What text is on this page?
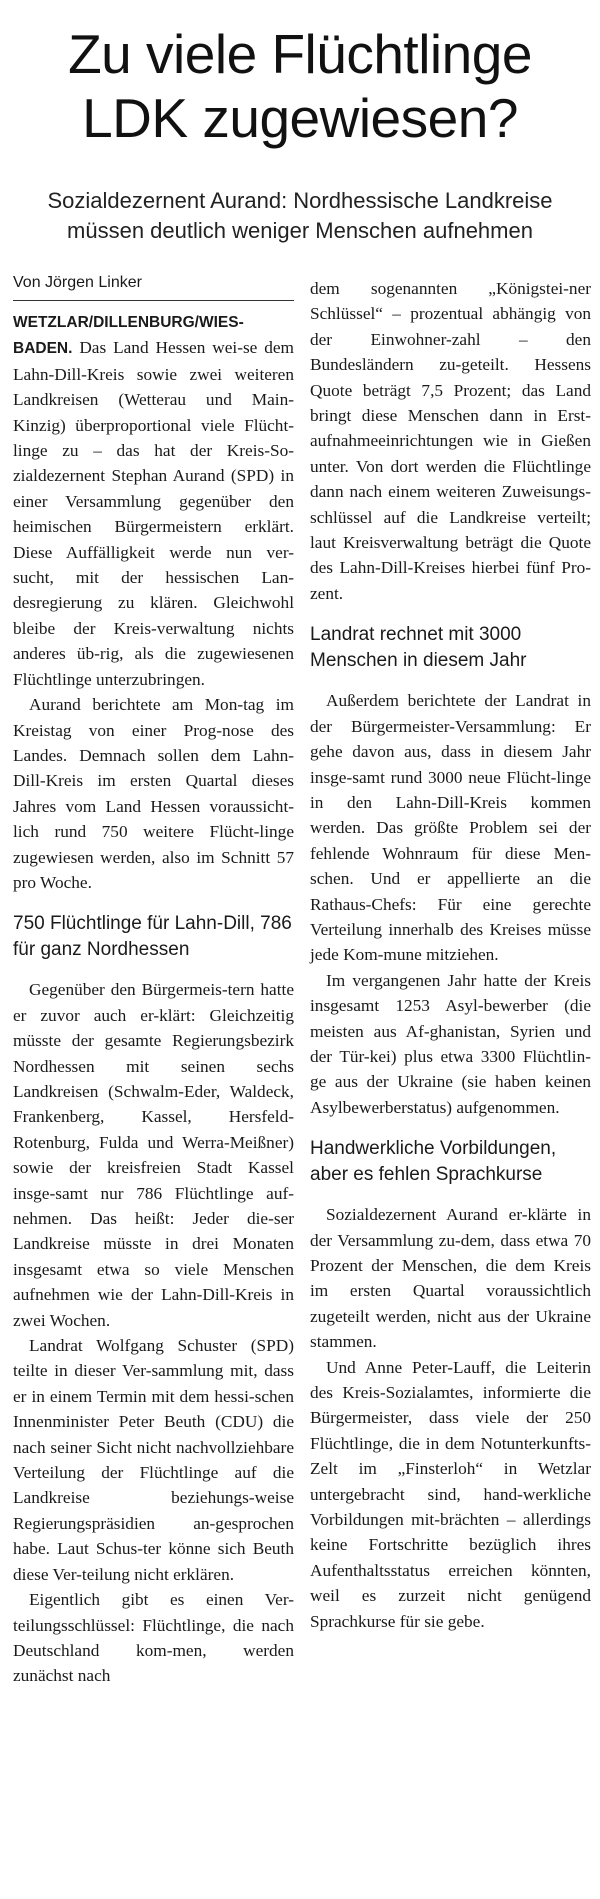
Zu viele Flüchtlinge
LDK zugewiesen?
Sozialdezernent Aurand: Nordhessische Landkreise
müssen deutlich weniger Menschen aufnehmen
Von Jörgen Linker

WETZLAR/DILLENBURG/WIES-BADEN. Das Land Hessen wei-se dem Lahn-Dill-Kreis sowie zwei weiteren Landkreisen (Wetterau und Main-Kinzig) überproportional viele Flücht-linge zu – das hat der Kreis-So-zialdezernent Stephan Aurand (SPD) in einer Versammlung gegenüber den heimischen Bürgermeistern erklärt. Diese Auffälligkeit werde nun ver-sucht, mit der hessischen Lan-desregierung zu klären. Gleichwohl bleibe der Kreis-verwaltung nichts anderes üb-rig, als die zugewiesenen Flüchtlinge unterzubringen.

Aurand berichtete am Mon-tag im Kreistag von einer Prog-nose des Landes. Demnach sollen dem Lahn-Dill-Kreis im ersten Quartal dieses Jahres vom Land Hessen voraussicht-lich rund 750 weitere Flücht-linge zugewiesen werden, also im Schnitt 57 pro Woche.

750 Flüchtlinge für Lahn-Dill, 786 für ganz Nordhessen

Gegenüber den Bürgermeis-tern hatte er zuvor auch er-klärt: Gleichzeitig müsste der gesamte Regierungsbezirk Nordhessen mit seinen sechs Landkreisen (Schwalm-Eder, Waldeck, Frankenberg, Kassel, Hersfeld-Rotenburg, Fulda und Werra-Meißner) sowie der kreisfreien Stadt Kassel insge-samt nur 786 Flüchtlinge auf-nehmen. Das heißt: Jeder die-ser Landkreise müsste in drei Monaten insgesamt etwa so viele Menschen aufnehmen wie der Lahn-Dill-Kreis in zwei Wochen.

Landrat Wolfgang Schuster (SPD) teilte in dieser Ver-sammlung mit, dass er in einem Termin mit dem hessi-schen Innenminister Peter Beuth (CDU) die nach seiner Sicht nicht nachvollziehbare Verteilung der Flüchtlinge auf die Landkreise beziehungs-weise Regierungspräsidien an-gesprochen habe. Laut Schus-ter könne sich Beuth diese Ver-teilung nicht erklären.

Eigentlich gibt es einen Ver-teilungsschlüssel: Flüchtlinge, die nach Deutschland kom-men, werden zunächst nach

dem sogenannten „Königstei-ner Schlüssel“ – prozentual abhängig von der Einwohner-zahl – den Bundesländern zu-geteilt. Hessens Quote beträgt 7,5 Prozent; das Land bringt diese Menschen dann in Erst-aufnahmeeinrichtungen wie in Gießen unter. Von dort werden die Flüchtlinge dann nach einem weiteren Zuweisungs-schlüssel auf die Landkreise verteilt; laut Kreisverwaltung beträgt die Quote des Lahn-Dill-Kreises hierbei fünf Pro-zent.

Landrat rechnet mit 3000 Menschen in diesem Jahr

Außerdem berichtete der Landrat in der Bürgermeister-Versammlung: Er gehe davon aus, dass in diesem Jahr insge-samt rund 3000 neue Flücht-linge in den Lahn-Dill-Kreis kommen werden. Das größte Problem sei der fehlende Wohnraum für diese Men-schen. Und er appellierte an die Rathaus-Chefs: Für eine gerechte Verteilung innerhalb des Kreises müsse jede Kom-mune mitziehen.

Im vergangenen Jahr hatte der Kreis insgesamt 1253 Asyl-bewerber (die meisten aus Af-ghanistan, Syrien und der Tür-kei) plus etwa 3300 Flüchtlin-ge aus der Ukraine (sie haben keinen Asylbewerberstatus) aufgenommen.

Handwerkliche Vorbildungen, aber es fehlen Sprachkurse

Sozialdezernent Aurand er-klärte in der Versammlung zu-dem, dass etwa 70 Prozent der Menschen, die dem Kreis im ersten Quartal voraussichtlich zugeteilt werden, nicht aus der Ukraine stammen.

Und Anne Peter-Lauff, die Leiterin des Kreis-Sozialamtes, informierte die Bürgermeister, dass viele der 250 Flüchtlinge, die in dem Notunterkunfts-Zelt im „Finsterloh“ in Wetzlar untergebracht sind, hand-werkliche Vorbildungen mit-brächten – allerdings keine Fortschritte bezüglich ihres Aufenthaltsstatus erreichen könnten, weil es zurzeit nicht genügend Sprachkurse für sie gebe.
